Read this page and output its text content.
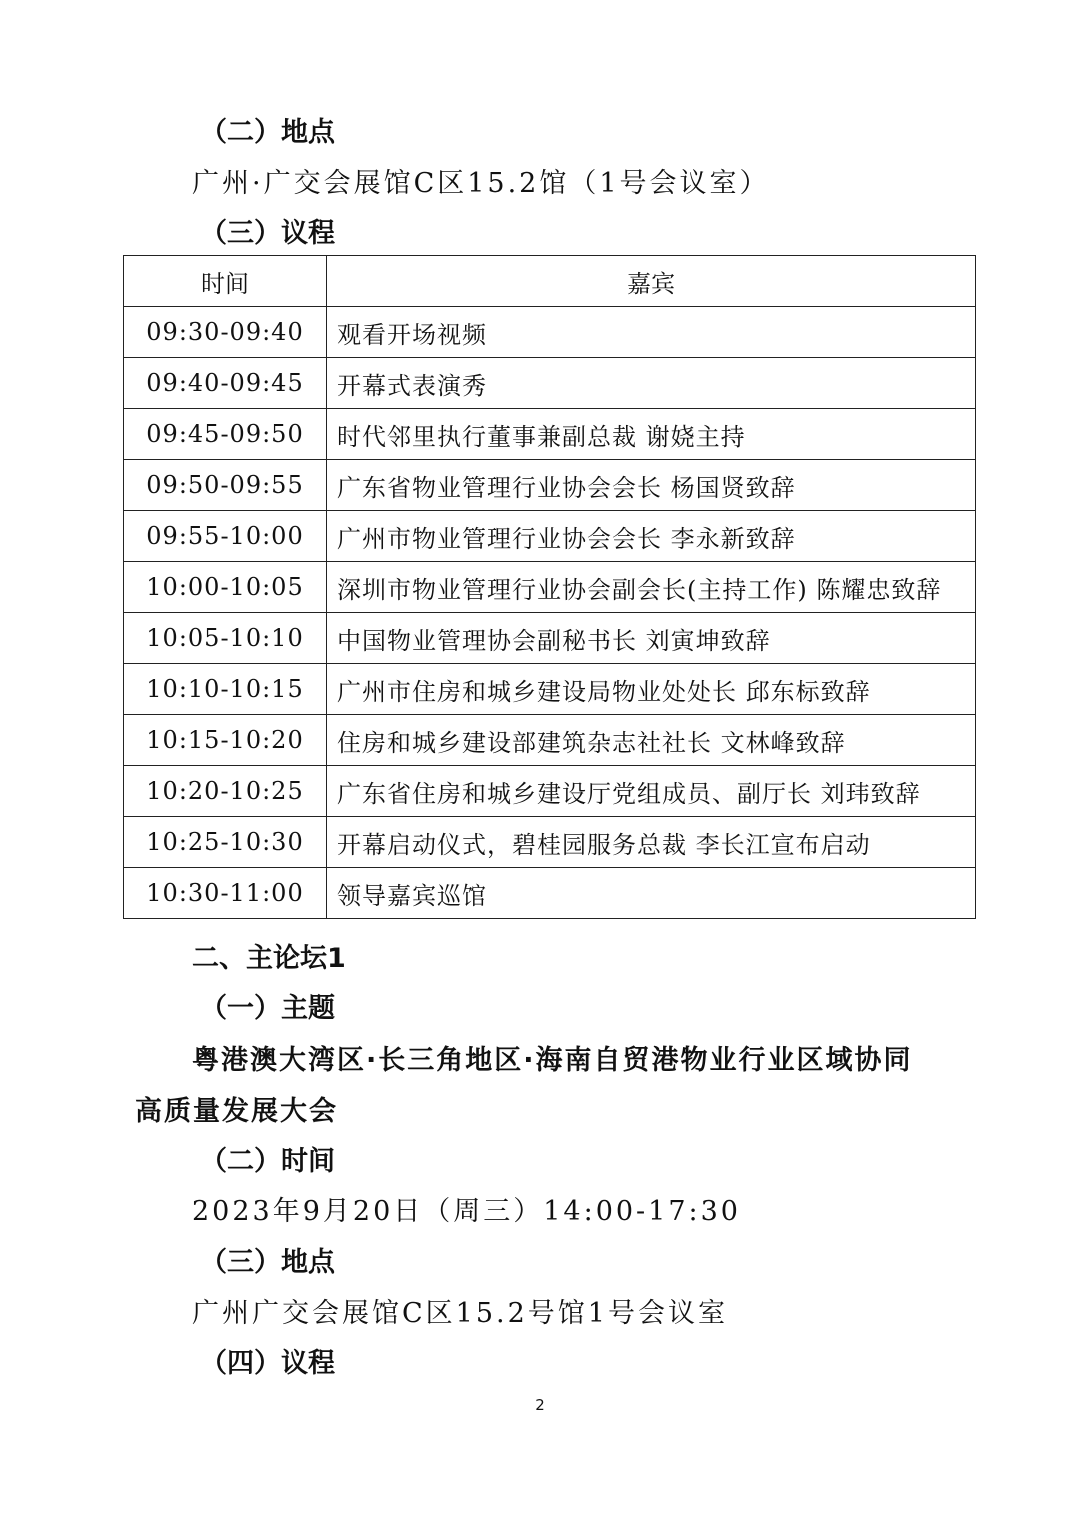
（二）地点
广州·广交会展馆C区15.2馆（1号会议室）
（三）议程
时间	嘉宾
09:30-09:40	观看开场视频
09:40-09:45	开幕式表演秀
09:45-09:50	时代邻里执行董事兼副总裁 谢娆主持
09:50-09:55	广东省物业管理行业协会会长 杨国贤致辞
09:55-10:00	广州市物业管理行业协会会长 李永新致辞
10:00-10:05	深圳市物业管理行业协会副会长(主持工作) 陈耀忠致辞
10:05-10:10	中国物业管理协会副秘书长 刘寅坤致辞
10:10-10:15	广州市住房和城乡建设局物业处处长 邱东标致辞
10:15-10:20	住房和城乡建设部建筑杂志社社长 文林峰致辞
10:20-10:25	广东省住房和城乡建设厅党组成员、副厅长 刘玮致辞
10:25-10:30	开幕启动仪式，碧桂园服务总裁 李长江宣布启动
10:30-11:00	领导嘉宾巡馆
二、主论坛1
（一）主题
粤港澳大湾区·长三角地区·海南自贸港物业行业区域协同
高质量发展大会
（二）时间
2023年9月20日（周三）14:00-17:30
（三）地点
广州广交会展馆C区15.2号馆1号会议室
（四）议程
2
